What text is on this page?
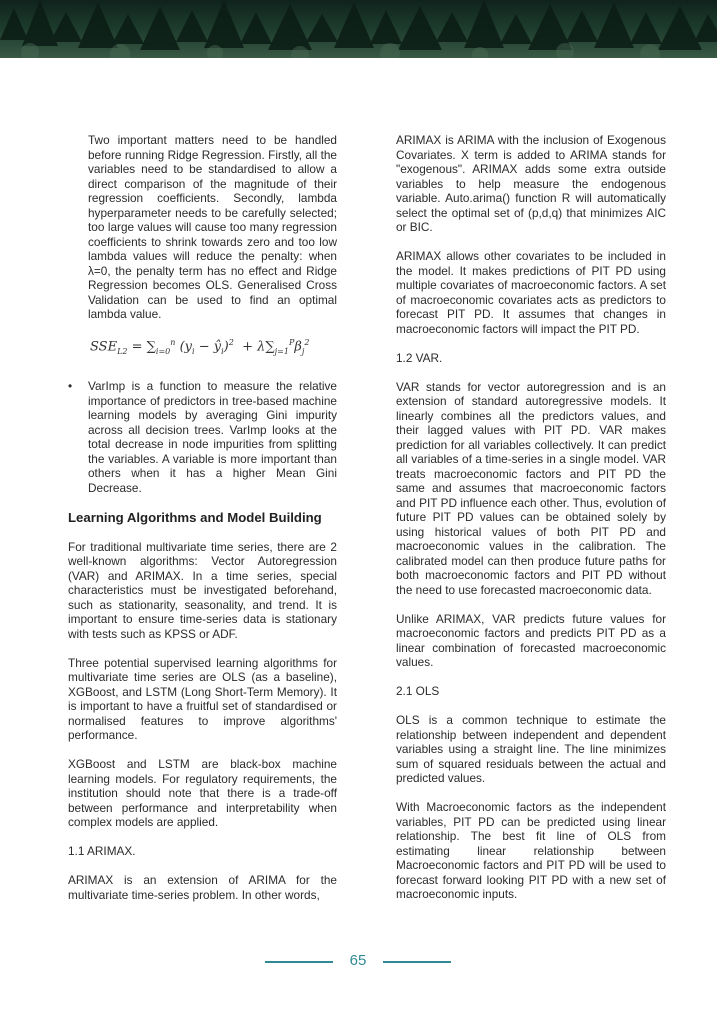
Two important matters need to be handled before running Ridge Regression. Firstly, all the variables need to be standardised to allow a direct comparison of the magnitude of their regression coefficients. Secondly, lambda hyperparameter needs to be carefully selected; too large values will cause too many regression coefficients to shrink towards zero and too low lambda values will reduce the penalty: when λ=0, the penalty term has no effect and Ridge Regression becomes OLS. Generalised Cross Validation can be used to find an optimal lambda value.

$SSE_{L2} = \sum_{i=0}^n$ ($y_i$ − $ŷ_i)^2 + \lambda\sum_{j=1}^P\beta_j^2$
• VarImp is a function to measure the relative importance of predictors in tree-based machine learning models by averaging Gini impurity across all decision trees. VarImp looks at the total decrease in node impurities from splitting the variables. A variable is more important than others when it has a higher Mean Gini Decrease.
Learning Algorithms and Model Building

For traditional multivariate time series, there are 2 well-known algorithms: Vector Autoregression (VAR) and ARIMAX. In a time series, special characteristics must be investigated beforehand, such as stationarity, seasonality, and trend. It is important to ensure time-series data is stationary with tests such as KPSS or ADF.

Three potential supervised learning algorithms for multivariate time series are OLS (as a baseline), XGBoost, and LSTM (Long Short-Term Memory). It is important to have a fruitful set of standardised or normalised features to improve algorithms' performance.

XGBoost and LSTM are black-box machine learning models. For regulatory requirements, the institution should note that there is a trade-off between performance and interpretability when complex models are applied.

1.1 ARIMAX.

ARIMAX is an extension of ARIMA for the multivariate time-series problem. In other words,

ARIMAX is ARIMA with the inclusion of Exogenous Covariates. X term is added to ARIMA stands for "exogenous". ARIMAX adds some extra outside variables to help measure the endogenous variable. Auto.arima() function R will automatically select the optimal set of (p,d,q) that minimizes AIC or BIC.

ARIMAX allows other covariates to be included in the model. It makes predictions of PIT PD using multiple covariates of macroeconomic factors. A set of macroeconomic covariates acts as predictors to forecast PIT PD. It assumes that changes in macroeconomic factors will impact the PIT PD.

1.2 VAR.

VAR stands for vector autoregression and is an extension of standard autoregressive models. It linearly combines all the predictors values, and their lagged values with PIT PD. VAR makes prediction for all variables collectively. It can predict all variables of a time-series in a single model. VAR treats macroeconomic factors and PIT PD the same and assumes that macroeconomic factors and PIT PD influence each other. Thus, evolution of future PIT PD values can be obtained solely by using historical values of both PIT PD and macroeconomic values in the calibration. The calibrated model can then produce future paths for both macroeconomic factors and PIT PD without the need to use forecasted macroeconomic data.

Unlike ARIMAX, VAR predicts future values for macroeconomic factors and predicts PIT PD as a linear combination of forecasted macroeconomic values.

2.1 OLS

OLS is a common technique to estimate the relationship between independent and dependent variables using a straight line. The line minimizes sum of squared residuals between the actual and predicted values.

With Macroeconomic factors as the independent variables, PIT PD can be predicted using linear relationship. The best fit line of OLS from estimating linear relationship between Macroeconomic factors and PIT PD will be used to forecast forward looking PIT PD with a new set of macroeconomic inputs.

65
